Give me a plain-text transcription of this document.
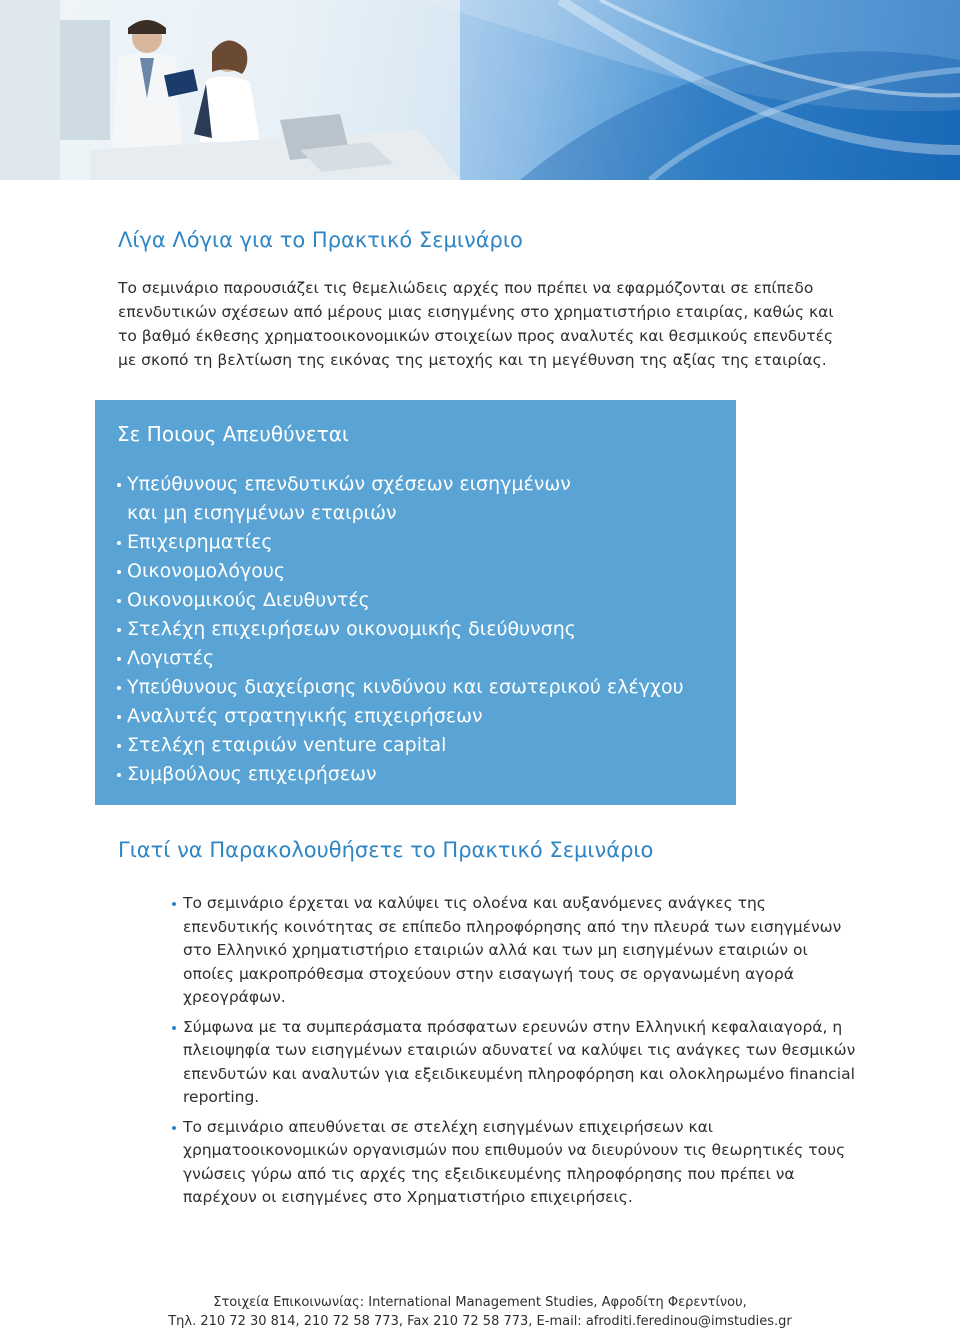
Λίγα Λόγια για το Πρακτικό Σεμινάριο

Το σεμινάριο παρουσιάζει τις θεμελιώδεις αρχές που πρέπει να εφαρμόζονται σε επίπεδο επενδυτικών σχέσεων από μέρους μιας εισηγμένης στο χρηματιστήριο εταιρίας, καθώς και το βαθμό έκθεσης χρηματοοικονομικών στοιχείων προς αναλυτές και θεσμικούς επενδυτές με σκοπό τη βελτίωση της εικόνας της μετοχής και τη μεγέθυνση της αξίας της εταιρίας.

Σε Ποιους Απευθύνεται
Υπεύθυνους επενδυτικών σχέσεων εισηγμένων
και μη εισηγμένων εταιριών
Επιχειρηματίες
Οικονομολόγους
Οικονομικούς Διευθυντές
Στελέχη επιχειρήσεων οικονομικής διεύθυνσης
Λογιστές
Υπεύθυνους διαχείρισης κινδύνου και εσωτερικού ελέγχου
Αναλυτές στρατηγικής επιχειρήσεων
Στελέχη εταιριών venture capital
Συμβούλους επιχειρήσεων
Γιατί να Παρακολουθήσετε το Πρακτικό Σεμινάριο
Το σεμινάριο έρχεται να καλύψει τις ολοένα και αυξανόμενες ανάγκες της επενδυτικής κοινότητας σε επίπεδο πληροφόρησης από την πλευρά των εισηγμένων στο Ελληνικό χρηματιστήριο εταιριών αλλά και των μη εισηγμένων εταιριών οι οποίες μακροπρόθεσμα στοχεύουν στην εισαγωγή τους σε οργανωμένη αγορά χρεογράφων.
Σύμφωνα με τα συμπεράσματα πρόσφατων ερευνών στην Ελληνική κεφαλαιαγορά, η πλειοψηφία των εισηγμένων εταιριών αδυνατεί να καλύψει τις ανάγκες των θεσμικών επενδυτών και αναλυτών για εξειδικευμένη πληροφόρηση και ολοκληρωμένο financial reporting.
Το σεμινάριο απευθύνεται σε στελέχη εισηγμένων επιχειρήσεων και χρηματοοικονομικών οργανισμών που επιθυμούν να διευρύνουν τις θεωρητικές τους γνώσεις γύρω από τις αρχές της εξειδικευμένης πληροφόρησης που πρέπει να παρέχουν οι εισηγμένες στο Χρηματιστήριο επιχειρήσεις.
Στοιχεία Επικοινωνίας: International Management Studies, Αφροδίτη Φερεντίνου,
Τηλ. 210 72 30 814, 210 72 58 773, Fax 210 72 58 773, E-mail: afroditi.feredinou@imstudies.gr
